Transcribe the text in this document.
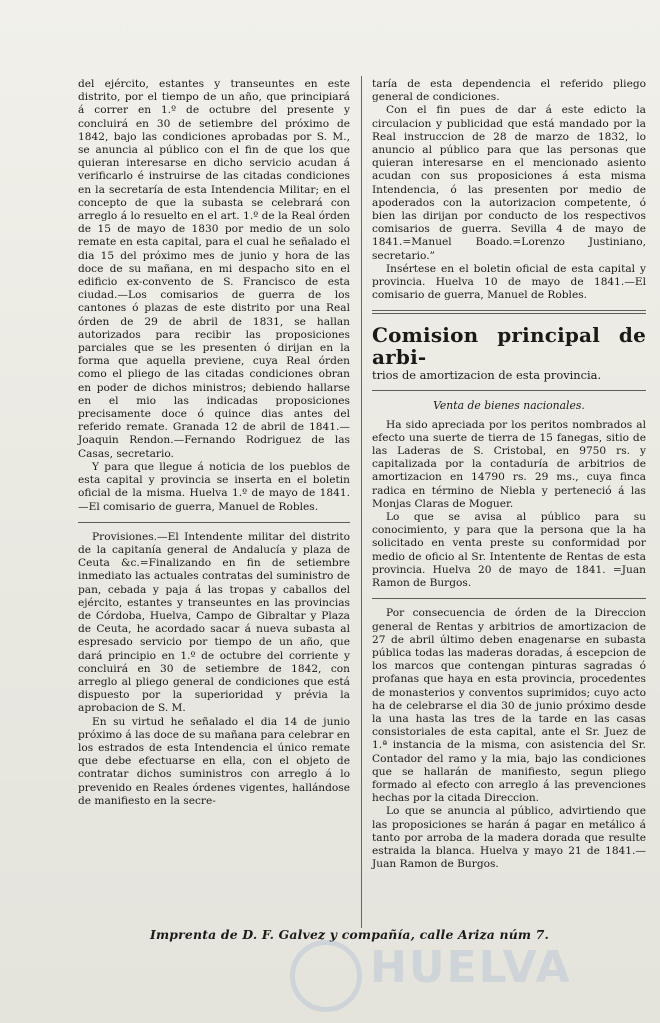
del ejército, estantes y transeuntes en este distrito, por el tiempo de un año, que principiará á correr en 1.º de octubre del presente y concluirá en 30 de setiembre del próximo de 1842, bajo las condiciones aprobadas por S. M., se anuncia al público con el fin de que los que quieran interesarse en dicho servicio acudan á verificarlo é instruirse de las citadas condiciones en la secretaría de esta Intendencia Militar; en el concepto de que la subasta se celebrará con arreglo á lo resuelto en el art. 1.º de la Real órden de 15 de mayo de 1830 por medio de un solo remate en esta capital, para el cual he señalado el dia 15 del próximo mes de junio y hora de las doce de su mañana, en mi despacho sito en el edificio ex-convento de S. Francisco de esta ciudad.—Los comisarios de guerra de los cantones ó plazas de este distrito por una Real órden de 29 de abril de 1831, se hallan autorizados para recibir las proposiciones parciales que se les presenten ó dirijan en la forma que aquella previene, cuya Real órden como el pliego de las citadas condiciones obran en poder de dichos ministros; debiendo hallarse en el mio las indicadas proposiciones precisamente doce ó quince dias antes del referido remate. Granada 12 de abril de 1841.—Joaquin Rendon.—Fernando Rodriguez de las Casas, secretario.

Y para que llegue á noticia de los pueblos de esta capital y provincia se inserta en el boletin oficial de la misma. Huelva 1.º de mayo de 1841.—El comisario de guerra, Manuel de Robles.

Provisiones.—El Intendente militar del distrito de la capitanía general de Andalucía y plaza de Ceuta &c.=Finalizando en fin de setiembre inmediato las actuales contratas del suministro de pan, cebada y paja á las tropas y caballos del ejército, estantes y transeuntes en las provincias de Córdoba, Huelva, Campo de Gibraltar y Plaza de Ceuta, he acordado sacar á nueva subasta al espresado servicio por tiempo de un año, que dará principio en 1.º de octubre del corriente y concluirá en 30 de setiembre de 1842, con arreglo al pliego general de condiciones que está dispuesto por la superioridad y prévia la aprobacion de S. M.

En su virtud he señalado el dia 14 de junio próximo á las doce de su mañana para celebrar en los estrados de esta Intendencia el único remate que debe efectuarse en ella, con el objeto de contratar dichos suministros con arreglo á lo prevenido en Reales órdenes vigentes, hallándose de manifiesto en la secre-

taría de esta dependencia el referido pliego general de condiciones.

Con el fin pues de dar á este edicto la circulacion y publicidad que está mandado por la Real instruccion de 28 de marzo de 1832, lo anuncio al público para que las personas que quieran interesarse en el mencionado asiento acudan con sus proposiciones á esta misma Intendencia, ó las presenten por medio de apoderados con la autorizacion competente, ó bien las dirijan por conducto de los respectivos comisarios de guerra. Sevilla 4 de mayo de 1841.=Manuel Boado.=Lorenzo Justiniano, secretario.”

Insértese en el boletin oficial de esta capital y provincia. Huelva 10 de mayo de 1841.—El comisario de guerra, Manuel de Robles.

Comision principal de arbi-

trios de amortizacion de esta provincia.

Venta de bienes nacionales.

Ha sido apreciada por los peritos nombrados al efecto una suerte de tierra de 15 fanegas, sitio de las Laderas de S. Cristobal, en 9750 rs. y capitalizada por la contaduría de arbitrios de amortizacion en 14790 rs. 29 ms., cuya finca radica en término de Niebla y perteneció á las Monjas Claras de Moguer.

Lo que se avisa al público para su conocimiento, y para que la persona que la ha solicitado en venta preste su conformidad por medio de oficio al Sr. Intentente de Rentas de esta provincia. Huelva 20 de mayo de 1841. =Juan Ramon de Burgos.

Por consecuencia de órden de la Direccion general de Rentas y arbitrios de amortizacion de 27 de abril último deben enagenarse en subasta pública todas las maderas doradas, á escepcion de los marcos que contengan pinturas sagradas ó profanas que haya en esta provincia, procedentes de monasterios y conventos suprimidos; cuyo acto ha de celebrarse el dia 30 de junio próximo desde la una hasta las tres de la tarde en las casas consistoriales de esta capital, ante el Sr. Juez de 1.ª instancia de la misma, con asistencia del Sr. Contador del ramo y la mia, bajo las condiciones que se hallarán de manifiesto, segun pliego formado al efecto con arreglo á las prevenciones hechas por la citada Direccion.

Lo que se anuncia al público, advirtiendo que las proposiciones se harán á pagar en metálico á tanto por arroba de la madera dorada que resulte estraida la blanca. Huelva y mayo 21 de 1841.—Juan Ramon de Burgos.

Imprenta de D. F. Galvez y compañía, calle Ariza núm 7.
HUELVA
